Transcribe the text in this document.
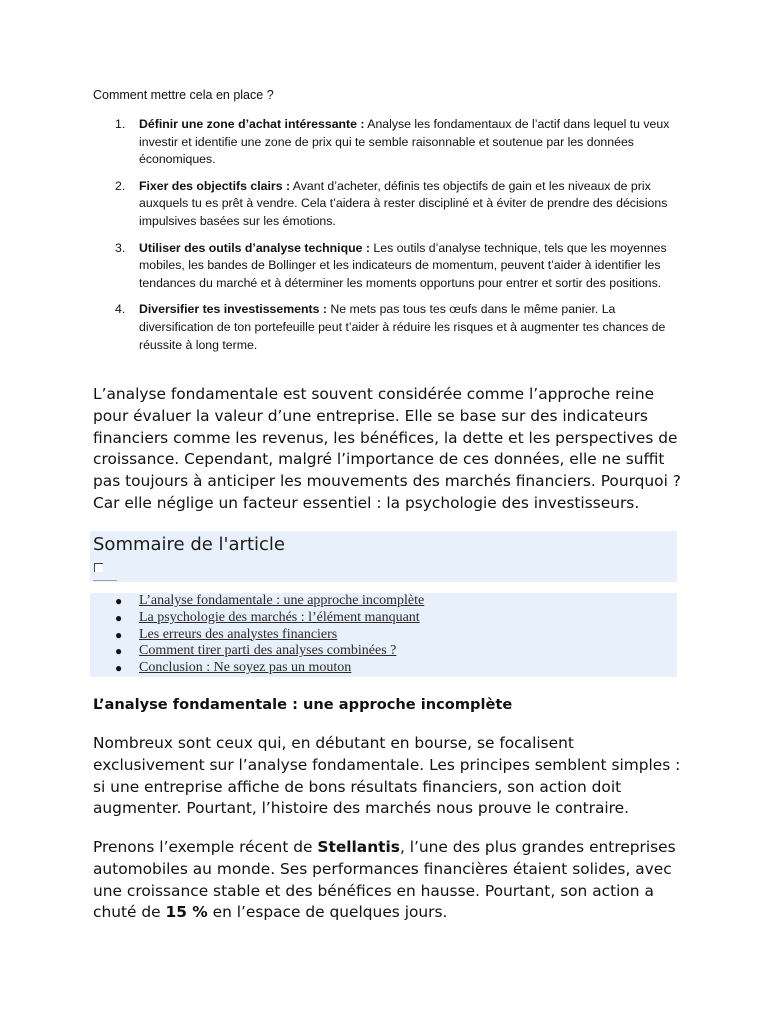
Comment mettre cela en place ?
1. Définir une zone d’achat intéressante : Analyse les fondamentaux de l’actif dans lequel tu veux investir et identifie une zone de prix qui te semble raisonnable et soutenue par les données économiques.
2. Fixer des objectifs clairs : Avant d’acheter, définis tes objectifs de gain et les niveaux de prix auxquels tu es prêt à vendre. Cela t’aidera à rester discipliné et à éviter de prendre des décisions impulsives basées sur les émotions.
3. Utiliser des outils d’analyse technique : Les outils d’analyse technique, tels que les moyennes mobiles, les bandes de Bollinger et les indicateurs de momentum, peuvent t’aider à identifier les tendances du marché et à déterminer les moments opportuns pour entrer et sortir des positions.
4. Diversifier tes investissements : Ne mets pas tous tes œufs dans le même panier. La diversification de ton portefeuille peut t’aider à réduire les risques et à augmenter tes chances de réussite à long terme.

L’analyse fondamentale est souvent considérée comme l’approche reine pour évaluer la valeur d’une entreprise. Elle se base sur des indicateurs financiers comme les revenus, les bénéfices, la dette et les perspectives de croissance. Cependant, malgré l’importance de ces données, elle ne suffit pas toujours à anticiper les mouvements des marchés financiers. Pourquoi ? Car elle néglige un facteur essentiel : la psychologie des investisseurs.

Sommaire de l'article
● L’analyse fondamentale : une approche incomplète
● La psychologie des marchés : l’élément manquant
● Les erreurs des analystes financiers
● Comment tirer parti des analyses combinées ?
● Conclusion : Ne soyez pas un mouton
L’analyse fondamentale : une approche incomplète

Nombreux sont ceux qui, en débutant en bourse, se focalisent exclusivement sur l’analyse fondamentale. Les principes semblent simples : si une entreprise affiche de bons résultats financiers, son action doit augmenter. Pourtant, l’histoire des marchés nous prouve le contraire.

Prenons l’exemple récent de Stellantis, l’une des plus grandes entreprises automobiles au monde. Ses performances financières étaient solides, avec une croissance stable et des bénéfices en hausse. Pourtant, son action a chuté de 15 % en l’espace de quelques jours.
